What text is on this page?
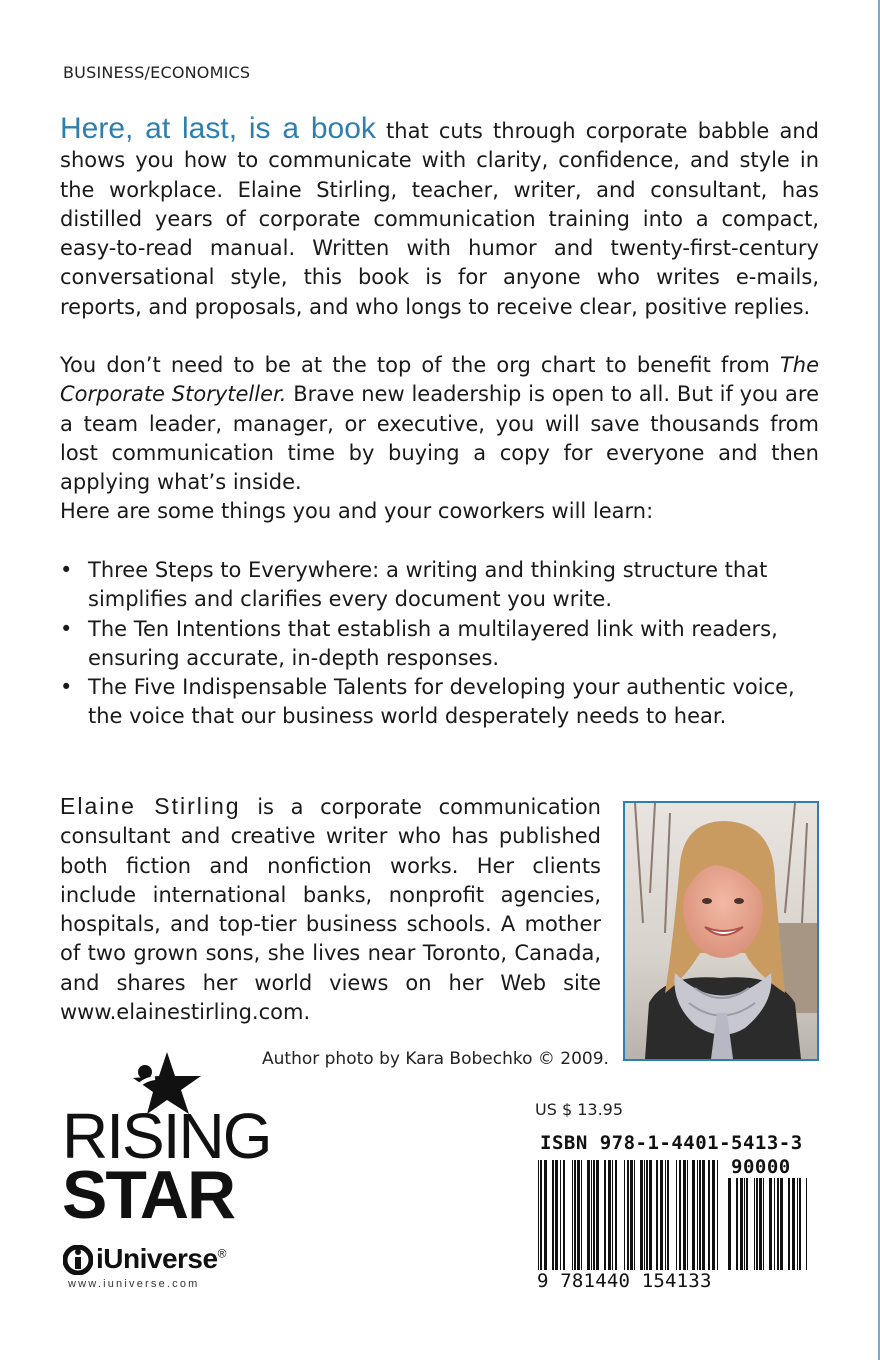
BUSINESS/ECONOMICS

Here, at last, is a book that cuts through corporate babble and shows you how to communicate with clarity, confidence, and style in the workplace. Elaine Stirling, teacher, writer, and consultant, has distilled years of corporate communication training into a compact, easy-to-read manual. Written with humor and twenty-first-century conversational style, this book is for anyone who writes e-mails, reports, and proposals, and who longs to receive clear, positive replies.

You don’t need to be at the top of the org chart to benefit from The Corporate Storyteller. Brave new leadership is open to all. But if you are a team leader, manager, or executive, you will save thousands from lost communication time by buying a copy for everyone and then applying what’s inside.

Here are some things you and your coworkers will learn:

• Three Steps to Everywhere: a writing and thinking structure that simplifies and clarifies every document you write.
• The Ten Intentions that establish a multilayered link with readers, ensuring accurate, in-depth responses.
• The Five Indispensable Talents for developing your authentic voice, the voice that our business world desperately needs to hear.

Elaine Stirling is a corporate communication consultant and creative writer who has published both fiction and nonfiction works. Her clients include international banks, nonprofit agencies, hospitals, and top-tier business schools. A mother of two grown sons, she lives near Toronto, Canada, and shares her world views on her Web site www.elainestirling.com.

Author photo by Kara Bobechko © 2009.
RISING
STAR
iUniverse®
www.iuniverse.com
US $ 13.95
ISBN 978-1-4401-5413-3
90000
9 781440 154133
